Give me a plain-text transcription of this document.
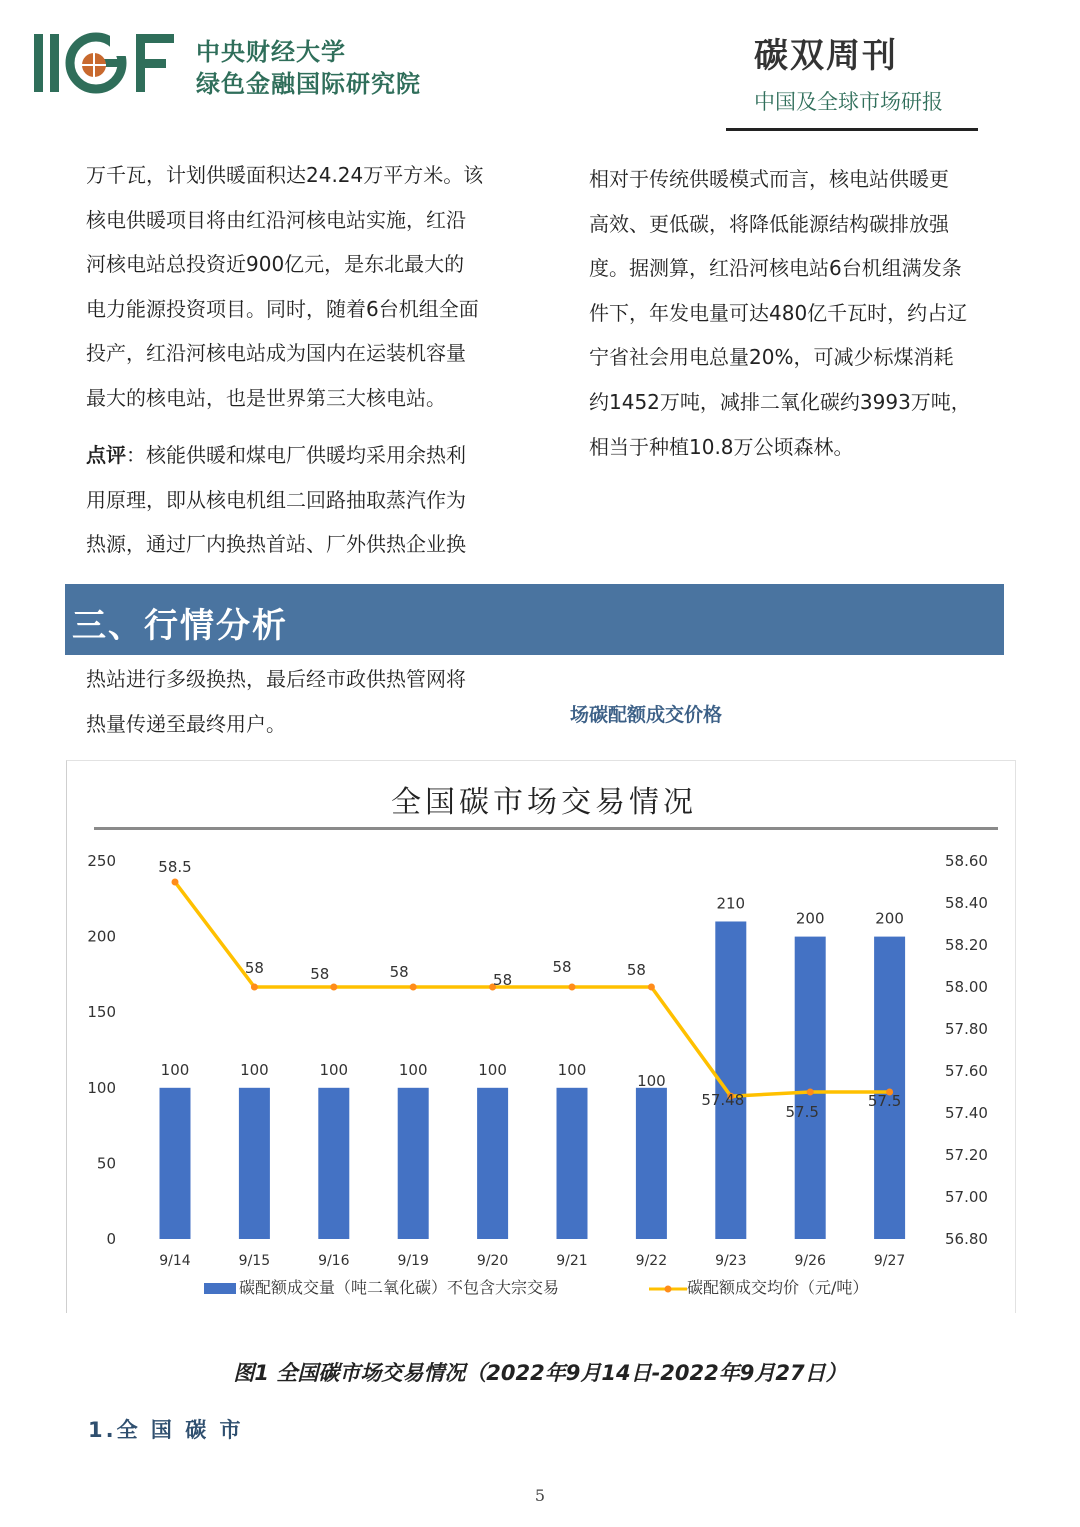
中央财经大学
绿色金融国际研究院
碳双周刊
中国及全球市场研报
万千瓦，计划供暖面积达24.24万平方米。该
核电供暖项目将由红沿河核电站实施，红沿
河核电站总投资近900亿元，是东北最大的
电力能源投资项目。同时，随着6台机组全面
投产，红沿河核电站成为国内在运装机容量
最大的核电站，也是世界第三大核电站。
点评：核能供暖和煤电厂供暖均采用余热利
用原理，即从核电机组二回路抽取蒸汽作为
热源，通过厂内换热首站、厂外供热企业换
相对于传统供暖模式而言，核电站供暖更
高效、更低碳，将降低能源结构碳排放强
度。据测算，红沿河核电站6台机组满发条
件下，年发电量可达480亿千瓦时，约占辽
宁省社会用电总量20%，可减少标煤消耗
约1452万吨，减排二氧化碳约3993万吨，
相当于种植10.8万公顷森林。
三、行情分析
热站进行多级换热，最后经市政供热管网将
热量传递至最终用户。	场碳配额成交价格
全国碳市场交易情况
0
50
100
150
200
250
56.80
57.00
57.20
57.40
57.60
57.80
58.00
58.20
58.40
58.60
100	100	100	100	100	100
100
210
200	200
9/14	9/15	9/16	9/19	9/20	9/21	9/22	9/23	9/26	9/27
58.5
58	58	58	58
58	58
57.48
57.5
57.5
碳配额成交量（吨二氧化碳）不包含大宗交易	碳配额成交均价（元/吨）
图1 全国碳市场交易情况（2022年9月14日-2022年9月27日）
1.全 国 碳 市
5
